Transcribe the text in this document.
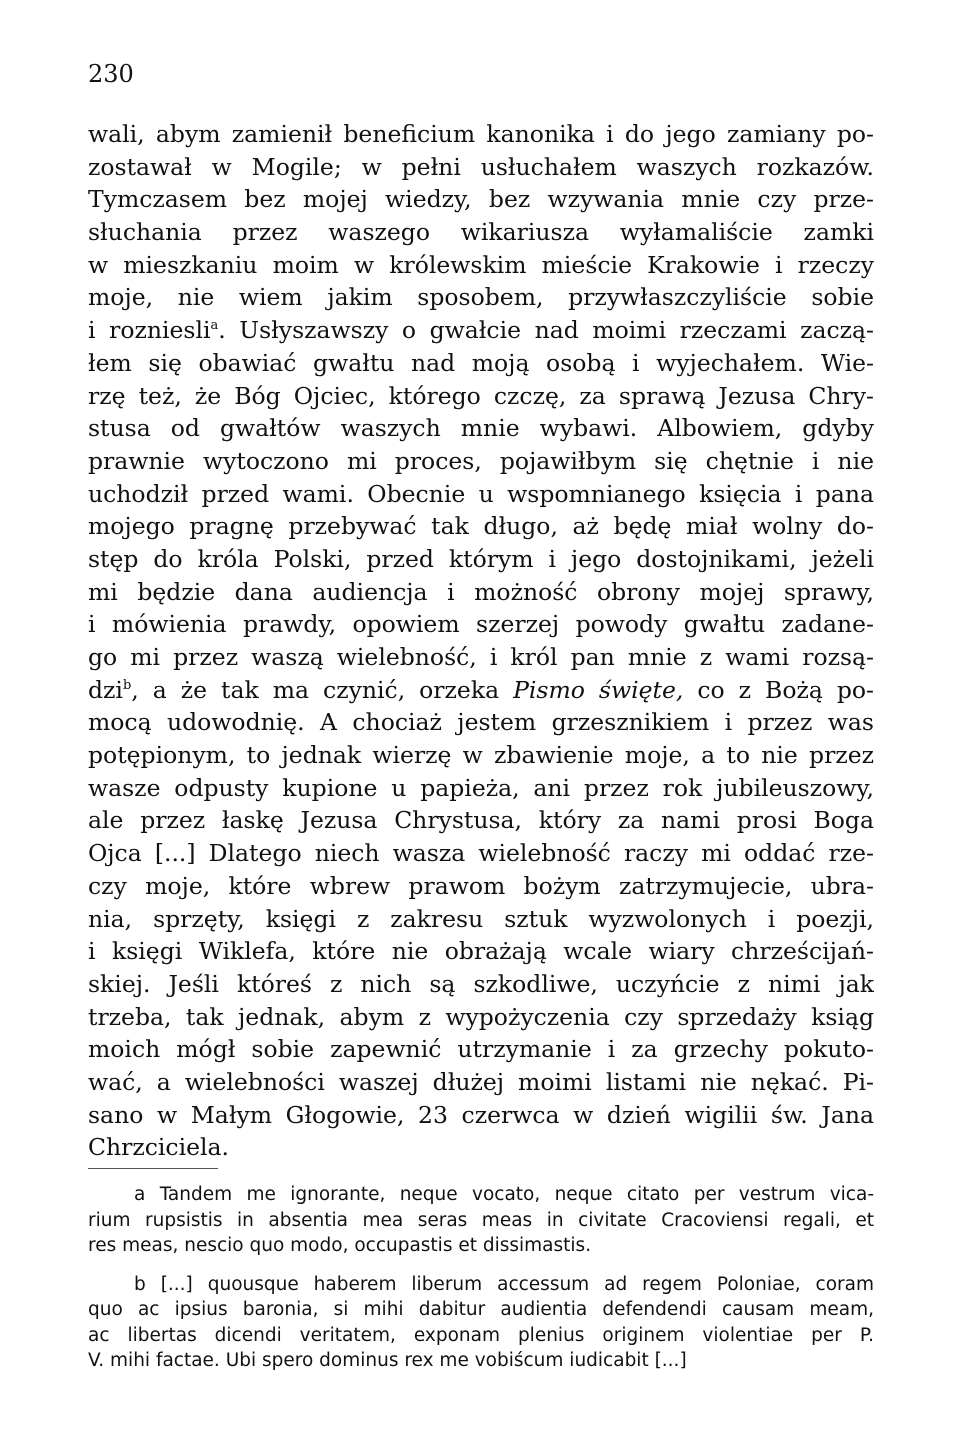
230
wali, abym zamienił beneficium kanonika i do jego zamiany po-
zostawał w Mogile; w pełni usłuchałem waszych rozkazów.
Tymczasem bez mojej wiedzy, bez wzywania mnie czy prze-
słuchania przez waszego wikariusza wyłamaliście zamki
w mieszkaniu moim w królewskim mieście Krakowie i rzeczy
moje, nie wiem jakim sposobem, przywłaszczyliście sobie
i rozniesli$^a$. Usłyszawszy o gwałcie nad moimi rzeczami zaczą-
łem się obawiać gwałtu nad moją osobą i wyjechałem. Wie-
rzę też, że Bóg Ojciec, którego czczę, za sprawą Jezusa Chry-
stusa od gwałtów waszych mnie wybawi. Albowiem, gdyby
prawnie wytoczono mi proces, pojawiłbym się chętnie i nie
uchodził przed wami. Obecnie u wspomnianego księcia i pana
mojego pragnę przebywać tak długo, aż będę miał wolny do-
stęp do króla Polski, przed którym i jego dostojnikami, jeżeli
mi będzie dana audiencja i możność obrony mojej sprawy,
i mówienia prawdy, opowiem szerzej powody gwałtu zadane-
go mi przez waszą wielebność, i król pan mnie z wami rozsą-
dzi$^b$, a że tak ma czynić, orzeka Pismo święte, co z Bożą po-
mocą udowodnię. A chociaż jestem grzesznikiem i przez was
potępionym, to jednak wierzę w zbawienie moje, a to nie przez
wasze odpusty kupione u papieża, ani przez rok jubileuszowy,
ale przez łaskę Jezusa Chrystusa, który za nami prosi Boga
Ojca [...] Dlatego niech wasza wielebność raczy mi oddać rze-
czy moje, które wbrew prawom bożym zatrzymujecie, ubra-
nia, sprzęty, księgi z zakresu sztuk wyzwolonych i poezji,
i księgi Wiklefa, które nie obrażają wcale wiary chrześcijań-
skiej. Jeśli któreś z nich są szkodliwe, uczyńcie z nimi jak
trzeba, tak jednak, abym z wypożyczenia czy sprzedaży ksiąg
moich mógł sobie zapewnić utrzymanie i za grzechy pokuto-
wać, a wielebności waszej dłużej moimi listami nie nękać. Pi-
sano w Małym Głogowie, 23 czerwca w dzień wigilii św. Jana
Chrzciciela.
a Tandem me ignorante, neque vocato, neque citato per vestrum vica-
rium rupsistis in absentia mea seras meas in civitate Cracoviensi regali, et
res meas, nescio quo modo, occupastis et dissimastis.
b [...] quousque haberem liberum accessum ad regem Poloniae, coram
quo ac ipsius baronia, si mihi dabitur audientia defendendi causam meam,
ac libertas dicendi veritatem, exponam plenius originem violentiae per P.
V. mihi factae. Ubi spero dominus rex me vobiścum iudicabit [...]
